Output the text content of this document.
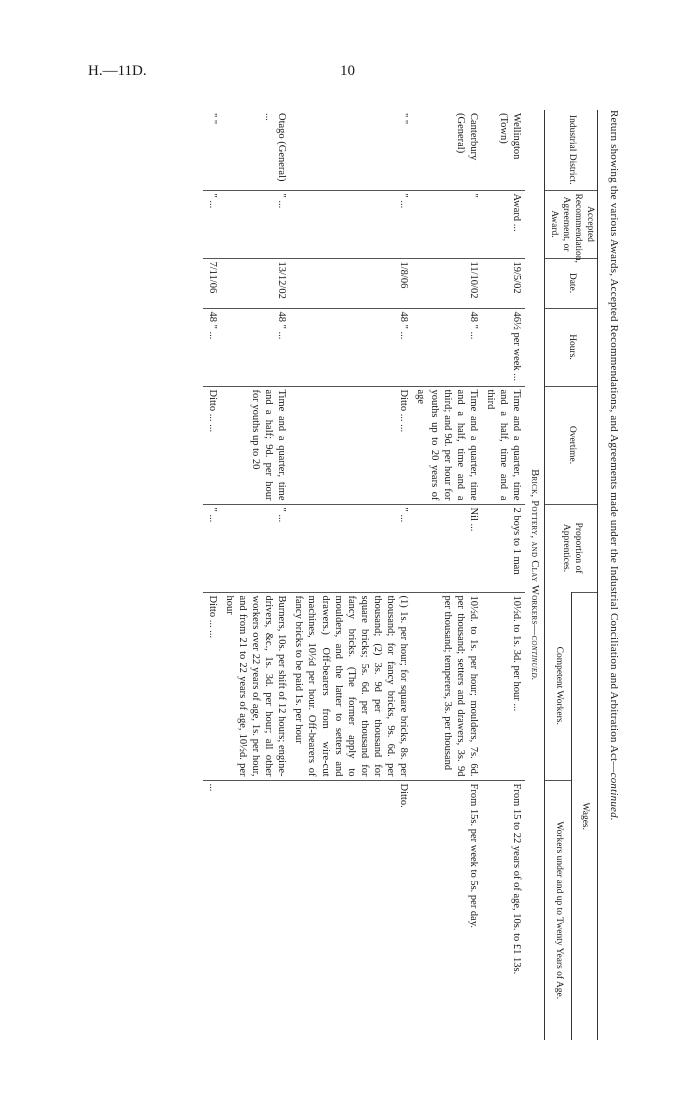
H.—11D.	10
Return showing the various Awards, Accepted Recommendations, and Agreements made under the Industrial Conciliation and Arbitration Act—continued.
Industrial District.	Accepted Recommendation, Agreement, or Award.	Date.	Hours.	Overtime.	Proportion of Apprentices.	Wages.	
						Competent Workers.	Workers under and up to Twenty Years of Age.
Brick, Pottery, and Clay Workers—continued.							
Wellington (Town)	Award ...	19/5/02	46½ per week ...	Time and a quarter, time and a half, time and a third	2 boys to 1 man	10½d. to 1s. 3d. per hour ...	From 15 to 22 years of of age, 10s. to £1 13s.
Canterbury (General)	"	11/10/02	48 " ...	Time and a quarter, time and a half, time and a third; and 9d. per hour for youths up to 20 years of age	Nil ...	10½d. to 1s. per hour; moulders, 7s. 6d. per thousand; setters and drawers, 3s. 9d per thousand; temperers, 3s. per thousand	From 15s. per week to 5s. per day.
" "	" ...	1/8/06	48 " ...	Ditto ... ...	" ...	(1) 1s. per hour; for square bricks, 8s. per thousand; for fancy bricks, 9s. 6d. per thousand; (2) 3s. 9d per thousand for square bricks; 5s. 6d. per thousand for fancy bricks. (The former apply to moulders, and the latter to setters and drawers.) Off-bearers from wire-cut machines, 10½d per hour. Off-bearers of fancy bricks to be paid 1s. per hour	Ditto.
Otago (General) ...	" ...	13/12/02	48 " ...	Time and a quarter, time and a half; 9d. per hour for youths up to 20	" ...	Burners, 10s. per shift of 12 hours; engine-drivers, &c., 1s. 3d. per hour; all other workers over 22 years of age, 1s. per hour, and from 21 to 22 years of age, 10½d. per hour	
" "	" ...	7/11/06	48 " ...	Ditto ... ...	" ...	Ditto ... ...	...
